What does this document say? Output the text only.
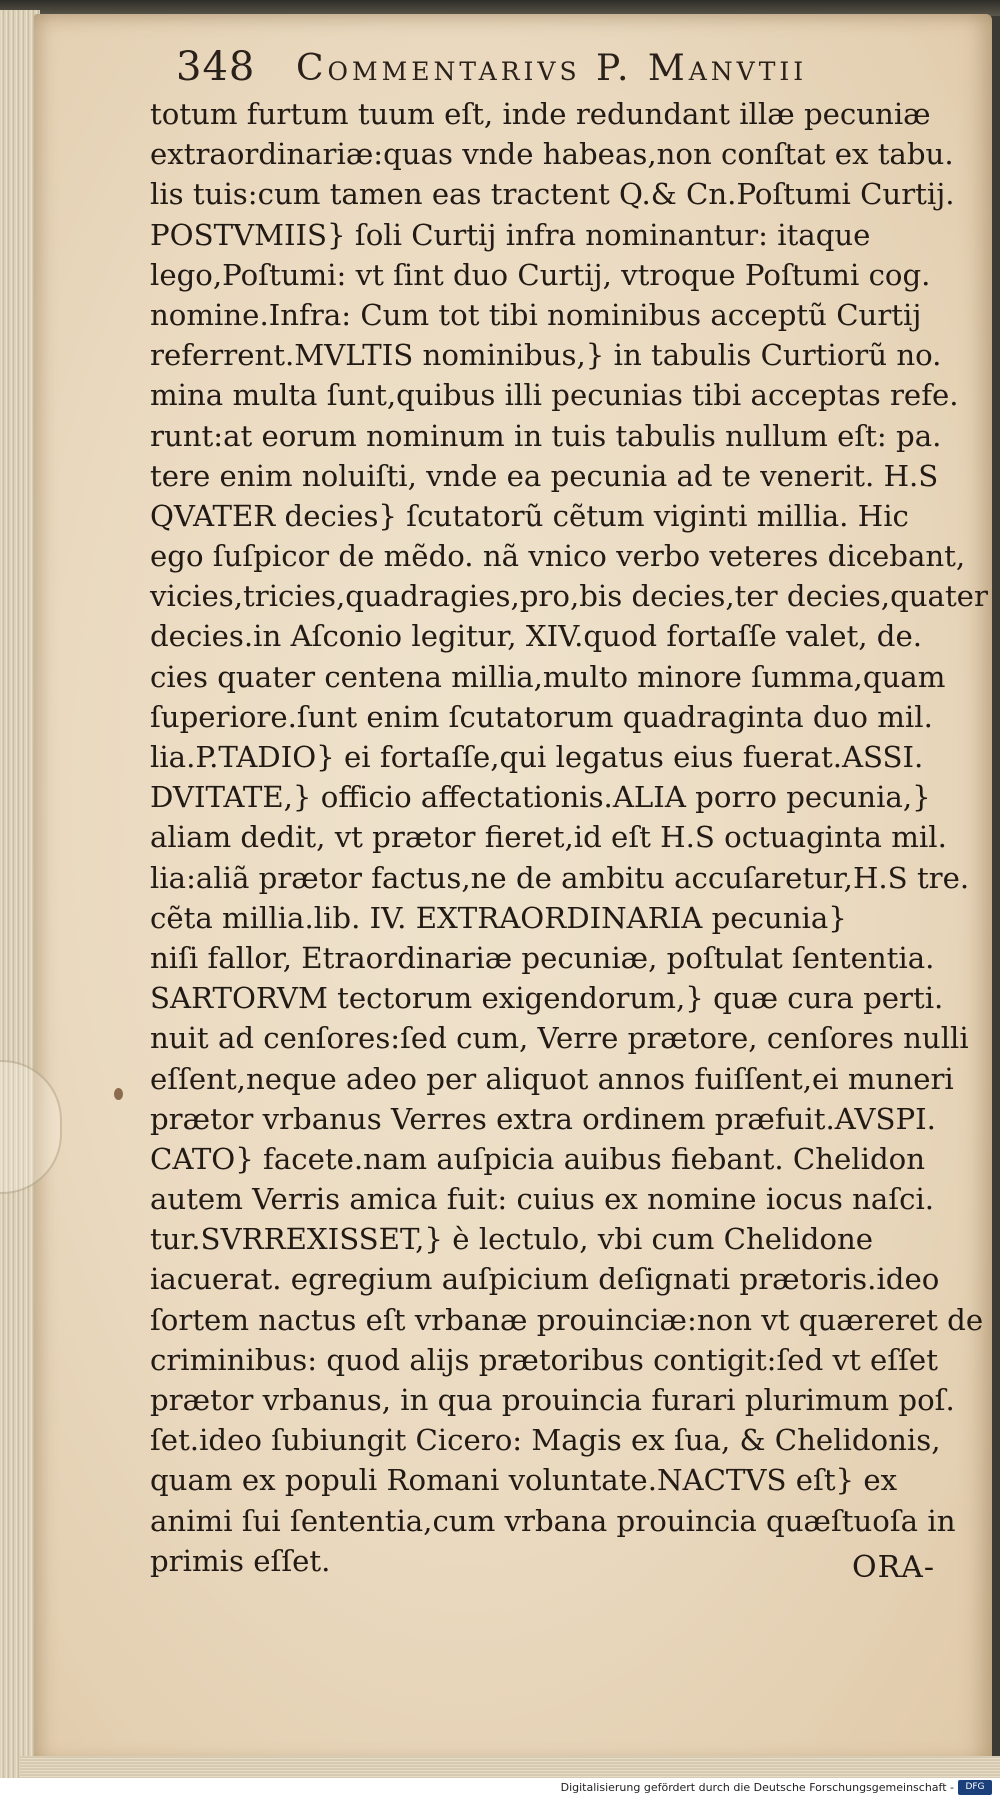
348 Commentarivs P. Manvtii
totum furtum tuum eſt, inde redundant illæ pecuniæ
extraordinariæ:quas vnde habeas,non conſtat ex tabu.
lis tuis:cum tamen eas tractent Q.& Cn.Poſtumi Curtij.
POSTVMIIS} ſoli Curtij infra nominantur: itaque
lego,Poſtumi: vt ſint duo Curtij, vtroque Poſtumi cog.
nomine.Infra: Cum tot tibi nominibus acceptũ Curtij
referrent.MVLTIS nominibus,} in tabulis Curtiorũ no.
mina multa ſunt,quibus illi pecunias tibi acceptas refe.
runt:at eorum nominum in tuis tabulis nullum eſt: pa.
tere enim noluiſti, vnde ea pecunia ad te venerit. H.S
QVATER decies} ſcutatorũ cẽtum viginti millia. Hic
ego ſuſpicor de mẽdo. nã vnico verbo veteres dicebant,
vicies,tricies,quadragies,pro,bis decies,ter decies,quater
decies.in Aſconio legitur, XIV.quod fortaſſe valet, de.
cies quater centena millia,multo minore ſumma,quam
ſuperiore.ſunt enim ſcutatorum quadraginta duo mil.
lia.P.TADIO} ei fortaſſe,qui legatus eius fuerat.ASSI.
DVITATE,} officio affectationis.ALIA porro pecunia,}
aliam dedit, vt prætor fieret,id eſt H.S octuaginta mil.
lia:aliã prætor factus,ne de ambitu accuſaretur,H.S tre.
cẽta millia.lib. IV. EXTRAORDINARIA pecunia}
niſi fallor, Etraordinariæ pecuniæ, poſtulat ſententia.
SARTORVM tectorum exigendorum,} quæ cura perti.
nuit ad cenſores:ſed cum, Verre prætore, cenſores nulli
eſſent,neque adeo per aliquot annos fuiſſent,ei muneri
prætor vrbanus Verres extra ordinem præfuit.AVSPI.
CATO} facete.nam auſpicia auibus fiebant. Chelidon
autem Verris amica fuit: cuius ex nomine iocus naſci.
tur.SVRREXISSET,} è lectulo, vbi cum Chelidone
iacuerat. egregium auſpicium deſignati prætoris.ideo
ſortem nactus eſt vrbanæ prouinciæ:non vt quæreret de
criminibus: quod alijs prætoribus contigit:ſed vt eſſet
prætor vrbanus, in qua prouincia furari plurimum poſ.
ſet.ideo ſubiungit Cicero: Magis ex ſua, & Chelidonis,
quam ex populi Romani voluntate.NACTVS eſt} ex
animi ſui ſententia,cum vrbana prouincia quæſtuoſa in
primis eſſet.	ORA-
Digitalisierung gefördert durch die Deutsche Forschungsgemeinschaft -	DFG
